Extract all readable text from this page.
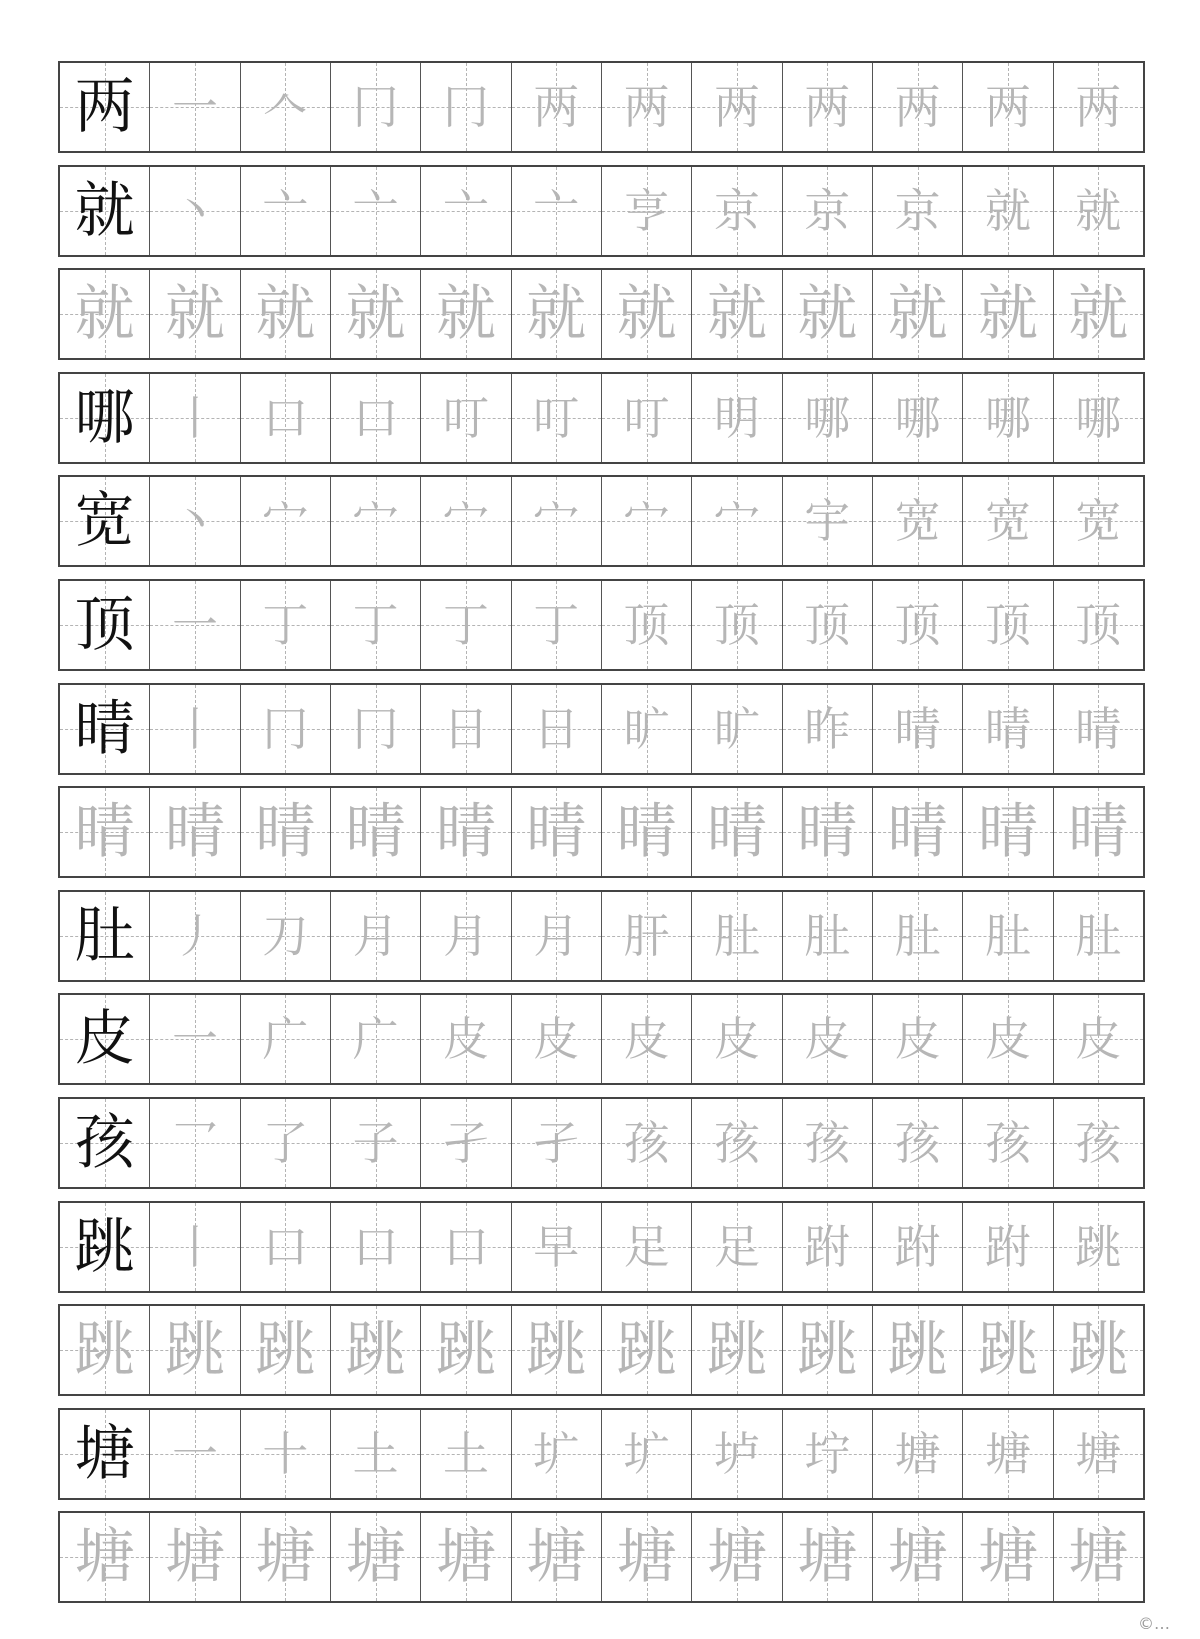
两 一 𠆢 冂 冂 两 两 两 两 两 两 两
就 丶 亠 亠 亠 亠 亨 京 京 京 就 就
就 就 就 就 就 就 就 就 就 就 就 就
哪 丨 口 口 叮 叮 叮 明 哪 哪 哪 哪
宽 丶 宀 宀 宀 宀 宀 宀 宇 宽 宽 宽
顶 一 丁 丁 丁 丁 顶 顶 顶 顶 顶 顶
晴 丨 冂 冂 日 日 旷 旷 昨 晴 晴 晴
晴 晴 晴 晴 晴 晴 晴 晴 晴 晴 晴 晴
肚 丿 刀 月 月 月 肝 肚 肚 肚 肚 肚
皮 一 广 广 皮 皮 皮 皮 皮 皮 皮 皮
孩 乛 了 子 孑 孑 孩 孩 孩 孩 孩 孩
跳 丨 口 口 口 早 足 足 跗 跗 跗 跳
跳 跳 跳 跳 跳 跳 跳 跳 跳 跳 跳 跳
塘 一 十 土 土 圹 圹 垆 坾 塘 塘 塘
塘 塘 塘 塘 塘 塘 塘 塘 塘 塘 塘 塘
©…
